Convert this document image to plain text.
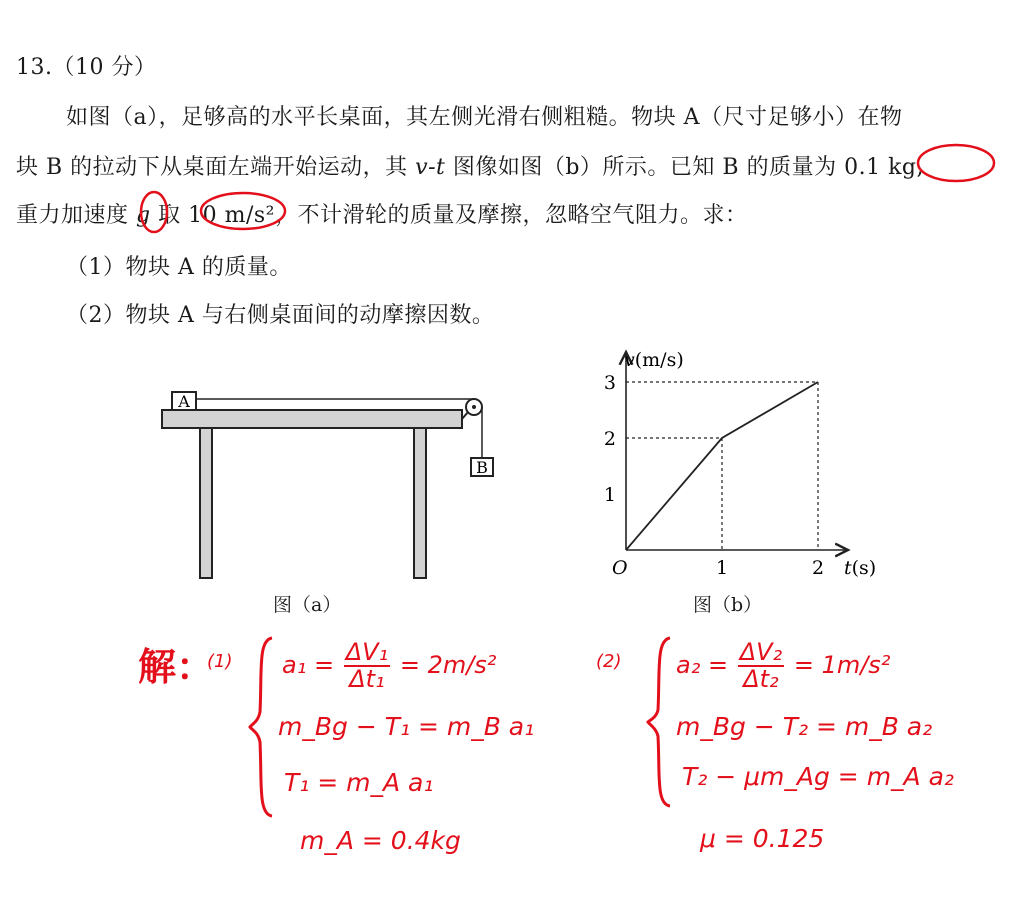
13.（10 分）
如图（a），足够高的水平长桌面，其左侧光滑右侧粗糙。物块 A（尺寸足够小）在物
块 B 的拉动下从桌面左端开始运动，其 v-t 图像如图（b）所示。已知 B 的质量为 0.1 kg,
重力加速度 g 取 10 m/s²，不计滑轮的质量及摩擦，忽略空气阻力。求：
（1）物块 A 的质量。
（2）物块 A 与右侧桌面间的动摩擦因数。
A
B
图（a）
v(m/s)
t(s)
O
1
2
3
1	2
图（b）
解：
(1) $a_1 = \frac{\text{ΔV₁}}{\text{Δt₁}} = 2m/s^2$
m_Bg − T₁ = m_B a₁
T₁ = m_A a₁
m_A = 0.4kg
(2) $a_2 = \frac{\text{ΔV₂}}{\text{Δt₂}} = 1m/s^2$
m_Bg − T₂ = m_B a₂
T₂ − μm_Ag = m_A a₂
μ = 0.125
